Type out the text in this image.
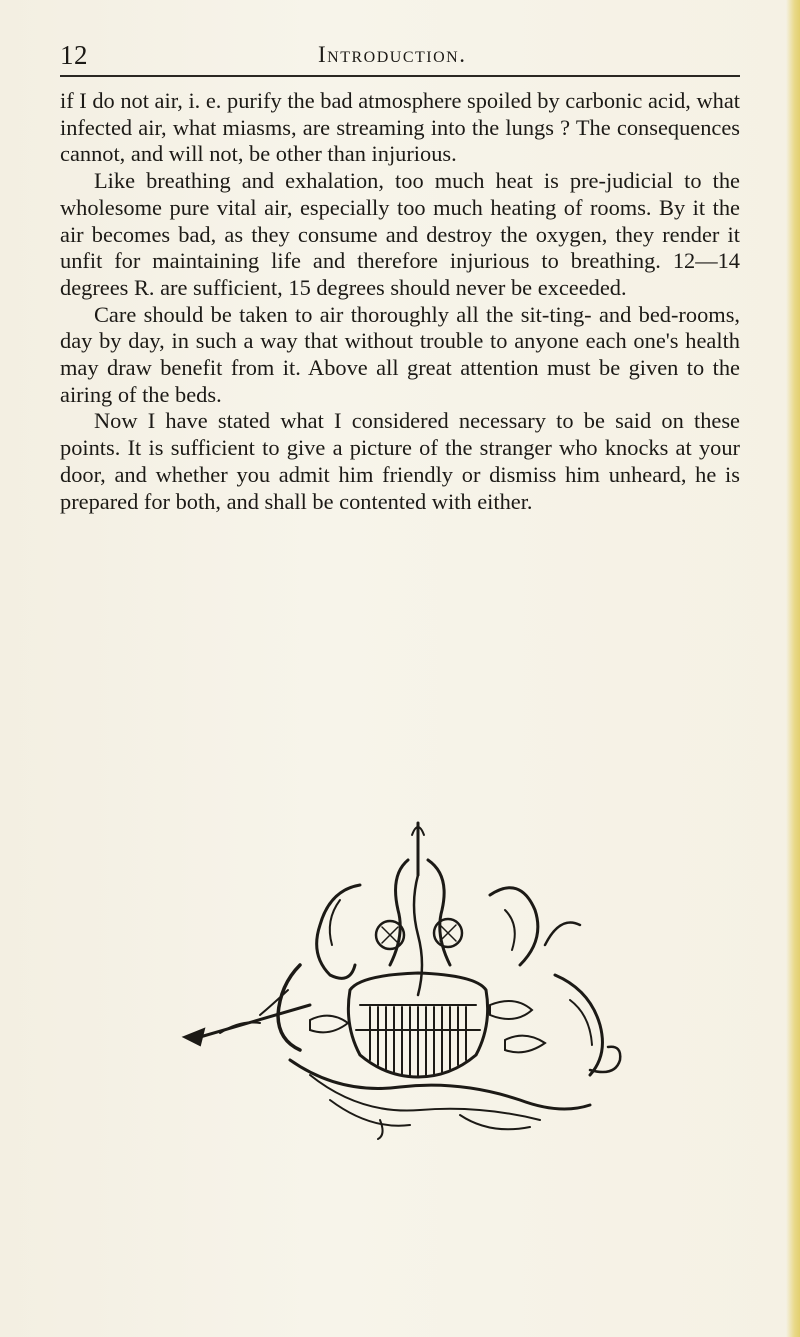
12	Introduction.

if I do not air, i. e. purify the bad atmosphere spoiled by carbonic acid, what infected air, what miasms, are streaming into the lungs ? The consequences cannot, and will not, be other than injurious.

Like breathing and exhalation, too much heat is pre-judicial to the wholesome pure vital air, especially too much heating of rooms. By it the air becomes bad, as they consume and destroy the oxygen, they render it unfit for maintaining life and therefore injurious to breathing. 12—14 degrees R. are sufficient, 15 degrees should never be exceeded.

Care should be taken to air thoroughly all the sit-ting- and bed-rooms, day by day, in such a way that without trouble to anyone each one's health may draw benefit from it. Above all great attention must be given to the airing of the beds.

Now I have stated what I considered necessary to be said on these points. It is sufficient to give a picture of the stranger who knocks at your door, and whether you admit him friendly or dismiss him unheard, he is prepared for both, and shall be contented with either.
